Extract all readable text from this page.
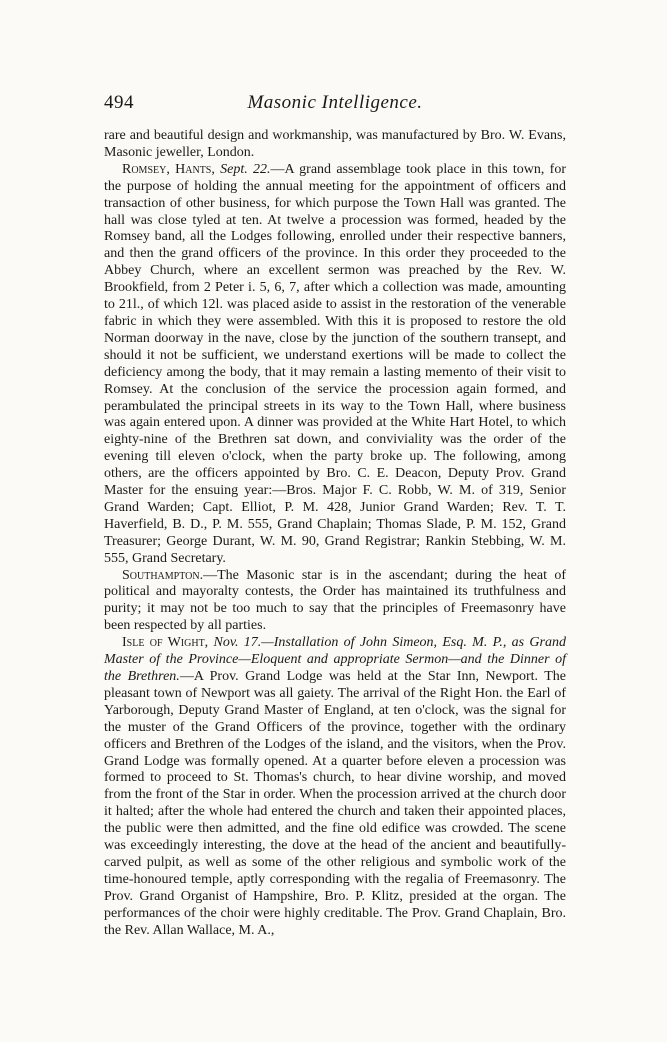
494	Masonic Intelligence.

rare and beautiful design and workmanship, was manufactured by Bro. W. Evans, Masonic jeweller, London.

Romsey, Hants, Sept. 22.—A grand assemblage took place in this town, for the purpose of holding the annual meeting for the appointment of officers and transaction of other business, for which purpose the Town Hall was granted. The hall was close tyled at ten. At twelve a procession was formed, headed by the Romsey band, all the Lodges following, enrolled under their respective banners, and then the grand officers of the province. In this order they proceeded to the Abbey Church, where an excellent sermon was preached by the Rev. W. Brookfield, from 2 Peter i. 5, 6, 7, after which a collection was made, amounting to 21l., of which 12l. was placed aside to assist in the restoration of the venerable fabric in which they were assembled. With this it is proposed to restore the old Norman doorway in the nave, close by the junction of the southern transept, and should it not be sufficient, we understand exertions will be made to collect the deficiency among the body, that it may remain a lasting memento of their visit to Romsey. At the conclusion of the service the procession again formed, and perambulated the principal streets in its way to the Town Hall, where business was again entered upon. A dinner was provided at the White Hart Hotel, to which eighty-nine of the Brethren sat down, and conviviality was the order of the evening till eleven o'clock, when the party broke up. The following, among others, are the officers appointed by Bro. C. E. Deacon, Deputy Prov. Grand Master for the ensuing year:—Bros. Major F. C. Robb, W. M. of 319, Senior Grand Warden; Capt. Elliot, P. M. 428, Junior Grand Warden; Rev. T. T. Haverfield, B. D., P. M. 555, Grand Chaplain; Thomas Slade, P. M. 152, Grand Treasurer; George Durant, W. M. 90, Grand Registrar; Rankin Stebbing, W. M. 555, Grand Secretary.

Southampton.—The Masonic star is in the ascendant; during the heat of political and mayoralty contests, the Order has maintained its truthfulness and purity; it may not be too much to say that the principles of Freemasonry have been respected by all parties.

Isle of Wight, Nov. 17.—Installation of John Simeon, Esq. M. P., as Grand Master of the Province—Eloquent and appropriate Sermon—and the Dinner of the Brethren.—A Prov. Grand Lodge was held at the Star Inn, Newport. The pleasant town of Newport was all gaiety. The arrival of the Right Hon. the Earl of Yarborough, Deputy Grand Master of England, at ten o'clock, was the signal for the muster of the Grand Officers of the province, together with the ordinary officers and Brethren of the Lodges of the island, and the visitors, when the Prov. Grand Lodge was formally opened. At a quarter before eleven a procession was formed to proceed to St. Thomas's church, to hear divine worship, and moved from the front of the Star in order. When the procession arrived at the church door it halted; after the whole had entered the church and taken their appointed places, the public were then admitted, and the fine old edifice was crowded. The scene was exceedingly interesting, the dove at the head of the ancient and beautifully-carved pulpit, as well as some of the other religious and symbolic work of the time-honoured temple, aptly corresponding with the regalia of Freemasonry. The Prov. Grand Organist of Hampshire, Bro. P. Klitz, presided at the organ. The performances of the choir were highly creditable. The Prov. Grand Chaplain, Bro. the Rev. Allan Wallace, M. A.,
